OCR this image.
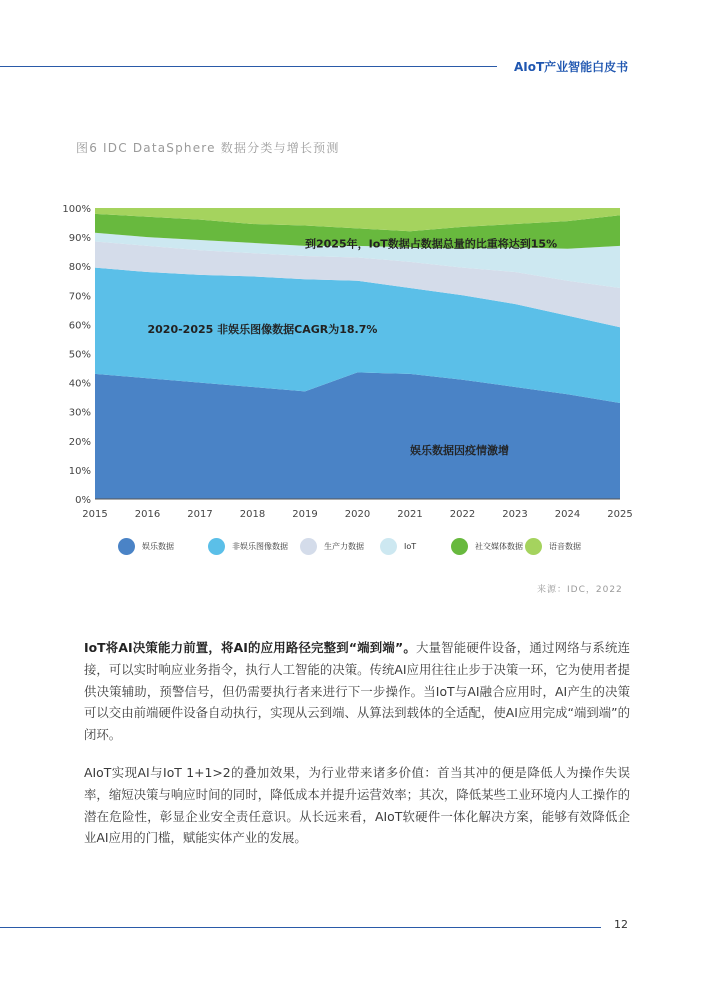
AIoT产业智能白皮书
图6 IDC DataSphere 数据分类与增长预测
0%
10%
20%
30%
40%
50%
60%
70%
80%
90%
100%
2015	2016	2017	2018	2019	2020	2021	2022	2023	2024	2025
到2025年，IoT数据占数据总量的比重将达到15%
2020-2025 非娱乐图像数据CAGR为18.7%
娱乐数据因疫情激增
娱乐数据	非娱乐图像数据	生产力数据	IoT	社交媒体数据	语音数据
来源：IDC，2022
IoT将AI决策能力前置，将AI的应用路径完整到“端到端”。大量智能硬件设备，通过网络与系统连接，可以实时响应业务指令，执行人工智能的决策。传统AI应用往往止步于决策一环，它为使用者提供决策辅助，预警信号，但仍需要执行者来进行下一步操作。当IoT与AI融合应用时，AI产生的决策可以交由前端硬件设备自动执行，实现从云到端、从算法到载体的全适配，使AI应用完成“端到端”的闭环。
AIoT实现AI与IoT 1+1>2的叠加效果，为行业带来诸多价值：首当其冲的便是降低人为操作失误率，缩短决策与响应时间的同时，降低成本并提升运营效率；其次，降低某些工业环境内人工操作的潜在危险性，彰显企业安全责任意识。从长远来看，AIoT软硬件一体化解决方案，能够有效降低企业AI应用的门槛，赋能实体产业的发展。
12
